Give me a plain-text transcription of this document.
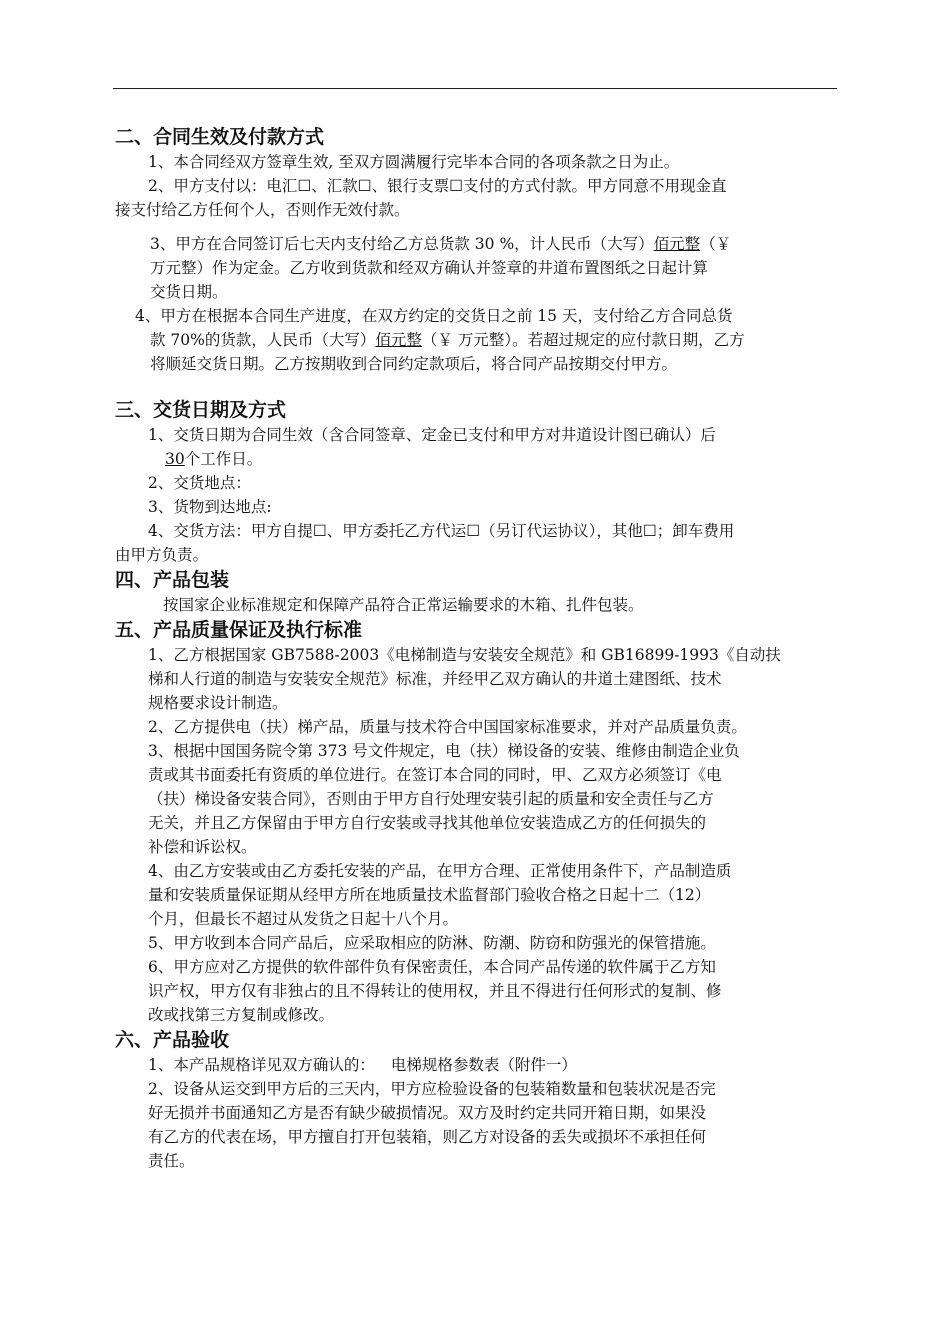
二、合同生效及付款方式

1、本合同经双方签章生效, 至双方圆满履行完毕本合同的各项条款之日为止。

2、甲方支付以：电汇☐、汇款☐、银行支票☐支付的方式付款。甲方同意不用现金直

接支付给乙方任何个人，否则作无效付款。

3、甲方在合同签订后七天内支付给乙方总货款 30 %，计人民币（大写）佰元整（￥

万元整）作为定金。乙方收到货款和经双方确认并签章的井道布置图纸之日起计算

交货日期。

4、甲方在根据本合同生产进度，在双方约定的交货日之前 15 天，支付给乙方合同总货

款 70%的货款，人民币（大写）佰元整（￥ 万元整）。若超过规定的应付款日期，乙方

将顺延交货日期。乙方按期收到合同约定款项后，将合同产品按期交付甲方。

三、交货日期及方式

1、交货日期为合同生效（含合同签章、定金已支付和甲方对井道设计图已确认）后

30个工作日。

2、交货地点：

3、货物到达地点:

4、交货方法：甲方自提☐、甲方委托乙方代运☐（另订代运协议），其他☐；卸车费用

由甲方负责。

四、产品包装

按国家企业标准规定和保障产品符合正常运输要求的木箱、扎件包装。

五、产品质量保证及执行标准

1、乙方根据国家 GB7588-2003《电梯制造与安装安全规范》和 GB16899-1993《自动扶

梯和人行道的制造与安装安全规范》标准，并经甲乙双方确认的井道土建图纸、技术

规格要求设计制造。

2、乙方提供电（扶）梯产品，质量与技术符合中国国家标准要求，并对产品质量负责。

3、根据中国国务院令第 373 号文件规定，电（扶）梯设备的安装、维修由制造企业负

责或其书面委托有资质的单位进行。在签订本合同的同时，甲、乙双方必须签订《电

（扶）梯设备安装合同》，否则由于甲方自行处理安装引起的质量和安全责任与乙方

无关，并且乙方保留由于甲方自行安装或寻找其他单位安装造成乙方的任何损失的

补偿和诉讼权。

4、由乙方安装或由乙方委托安装的产品，在甲方合理、正常使用条件下，产品制造质

量和安装质量保证期从经甲方所在地质量技术监督部门验收合格之日起十二（12）

个月，但最长不超过从发货之日起十八个月。

5、甲方收到本合同产品后，应采取相应的防淋、防潮、防窃和防强光的保管措施。

6、甲方应对乙方提供的软件部件负有保密责任，本合同产品传递的软件属于乙方知

识产权，甲方仅有非独占的且不得转让的使用权，并且不得进行任何形式的复制、修

改或找第三方复制或修改。

六、产品验收

1、本产品规格详见双方确认的： 电梯规格参数表（附件一）

2、设备从运交到甲方后的三天内，甲方应检验设备的包装箱数量和包装状况是否完

好无损并书面通知乙方是否有缺少破损情况。双方及时约定共同开箱日期，如果没

有乙方的代表在场，甲方擅自打开包装箱，则乙方对设备的丢失或损坏不承担任何

责任。
